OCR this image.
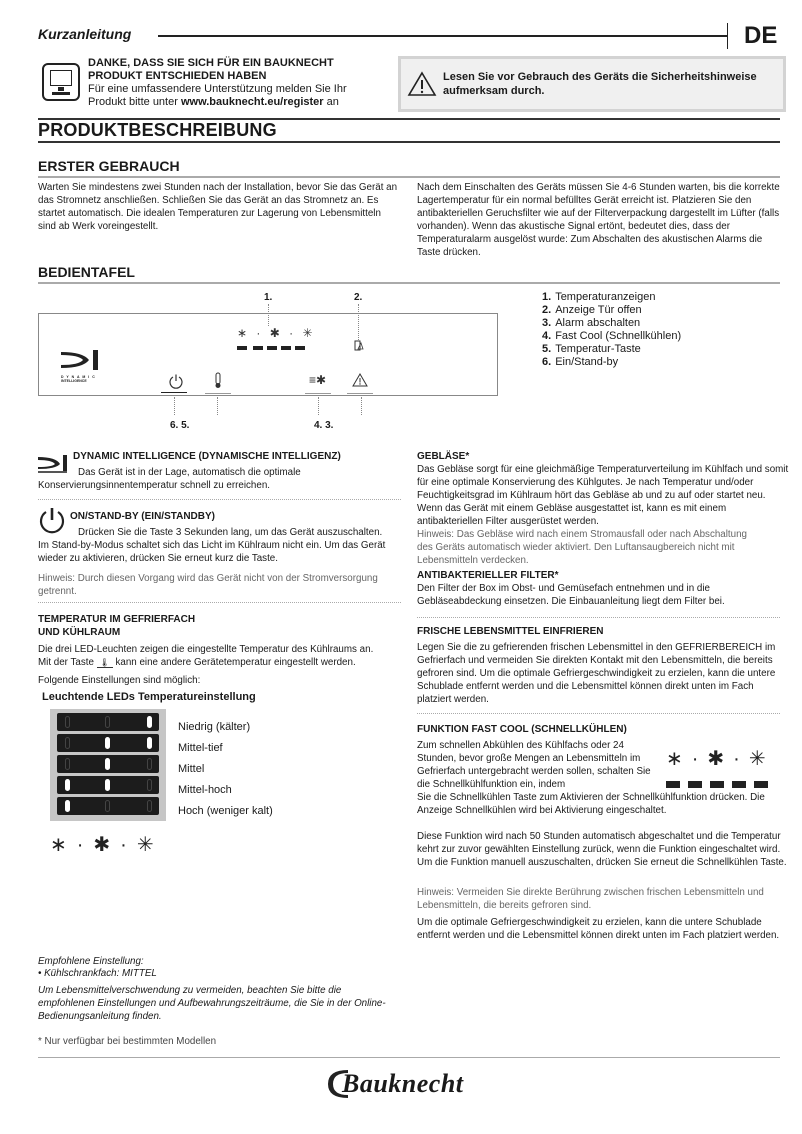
Kurzanleitung	DE
DANKE, DASS SIE SICH FÜR EIN BAUKNECHT
PRODUKT ENTSCHIEDEN HABEN
Für eine umfassendere Unterstützung melden Sie Ihr
Produkt bitte unter www.bauknecht.eu/register an
Lesen Sie vor Gebrauch des Geräts die Sicherheitshinweise
aufmerksam durch.
PRODUKTBESCHREIBUNG
ERSTER GEBRAUCH
Warten Sie mindestens zwei Stunden nach der Installation, bevor Sie das Gerät an das Stromnetz anschließen. Schließen Sie das Gerät an das Stromnetz an. Es startet automatisch. Die idealen Temperaturen zur Lagerung von Lebensmitteln sind ab Werk voreingestellt.
Nach dem Einschalten des Geräts müssen Sie 4-6 Stunden warten, bis die korrekte Lagertemperatur für ein normal befülltes Gerät erreicht ist. Platzieren Sie den antibakteriellen Geruchsfilter wie auf der Filterverpackung dargestellt im Lüfter (falls vorhanden). Wenn das akustische Signal ertönt, bedeutet dies, dass der Temperaturalarm ausgelöst wurde: Zum Abschalten des akustischen Alarms die Taste drücken.
BEDIENTAFEL
1.	2.
∗ · ✱ · ✳
D Y N A M I C
INTELLIGENCE	≡✱
6. 5.	4. 3.
1. Temperaturanzeigen
2. Anzeige Tür offen
3. Alarm abschalten
4. Fast Cool (Schnellkühlen)
5. Temperatur-Taste
6. Ein/Stand-by
DYNAMIC INTELLIGENCE (DYNAMISCHE INTELLIGENZ)
Das Gerät ist in der Lage, automatisch die optimale
Konservierungsinnentemperatur schnell zu erreichen.
ON/STAND-BY (EIN/STANDBY)
Drücken Sie die Taste 3 Sekunden lang, um das Gerät auszuschalten.
Im Stand-by-Modus schaltet sich das Licht im Kühlraum nicht ein. Um das Gerät wieder zu aktivieren, drücken Sie erneut kurz die Taste.
Hinweis: Durch diesen Vorgang wird das Gerät nicht von der Stromversorgung getrennt.
TEMPERATUR IM GEFRIERFACH
UND KÜHLRAUM
Die drei LED-Leuchten zeigen die eingestellte Temperatur des Kühlraums an.
Mit der Taste 🌡 kann eine andere Gerätetemperatur eingestellt werden.
Folgende Einstellungen sind möglich:
Leuchtende LEDs Temperatureinstellung
Niedrig (kälter)
Mittel-tief
Mittel
Mittel-hoch
Hoch (weniger kalt)
∗·✱·✳
Empfohlene Einstellung:
• Kühlschrankfach: MITTEL
Um Lebensmittelverschwendung zu vermeiden, beachten Sie bitte die empfohlenen Einstellungen und Aufbewahrungszeiträume, die Sie in der Online-Bedienungsanleitung finden.
* Nur verfügbar bei bestimmten Modellen
GEBLÄSE*
Das Gebläse sorgt für eine gleichmäßige Temperaturverteilung im Kühlfach und somit für eine optimale Konservierung des Kühlgutes. Je nach Temperatur und/oder Feuchtigkeitsgrad im Kühlraum hört das Gebläse ab und zu auf oder startet neu. Wenn das Gerät mit einem Gebläse ausgestattet ist, kann es mit einem antibakteriellen Filter ausgerüstet werden.
Hinweis: Das Gebläse wird nach einem Stromausfall oder nach Abschaltung des Geräts automatisch wieder aktiviert. Den Luftansaugbereich nicht mit Lebensmitteln verdecken.
ANTIBAKTERIELLER FILTER*
Den Filter der Box im Obst- und Gemüsefach entnehmen und in die Gebläseabdeckung einsetzen. Die Einbauanleitung liegt dem Filter bei.
FRISCHE LEBENSMITTEL EINFRIEREN
Legen Sie die zu gefrierenden frischen Lebensmittel in den GEFRIERBEREICH im Gefrierfach und vermeiden Sie direkten Kontakt mit den Lebensmitteln, die bereits gefroren sind. Um die optimale Gefriergeschwindigkeit zu erzielen, kann die untere Schublade entfernt werden und die Lebensmittel können direkt unten im Fach platziert werden.
FUNKTION FAST COOL (SCHNELLKÜHLEN)
Zum schnellen Abkühlen des Kühlfachs oder 24 Stunden, bevor große Mengen an Lebensmitteln im Gefrierfach untergebracht werden sollen, schalten Sie die Schnellkühlfunktion ein, indem
Sie die Schnellkühlen Taste zum Aktivieren der Schnellkühlfunktion drücken. Die Anzeige Schnellkühlen wird bei Aktivierung eingeschaltet.
∗·✱·✳
Diese Funktion wird nach 50 Stunden automatisch abgeschaltet und die Temperatur kehrt zur zuvor gewählten Einstellung zurück, wenn die Funktion eingeschaltet wird. Um die Funktion manuell auszuschalten, drücken Sie erneut die Schnellkühlen Taste.
Hinweis: Vermeiden Sie direkte Berührung zwischen frischen Lebensmitteln und Lebensmitteln, die bereits gefroren sind.
Um die optimale Gefriergeschwindigkeit zu erzielen, kann die untere Schublade entfernt werden und die Lebensmittel können direkt unten im Fach platziert werden.
Bauknecht
